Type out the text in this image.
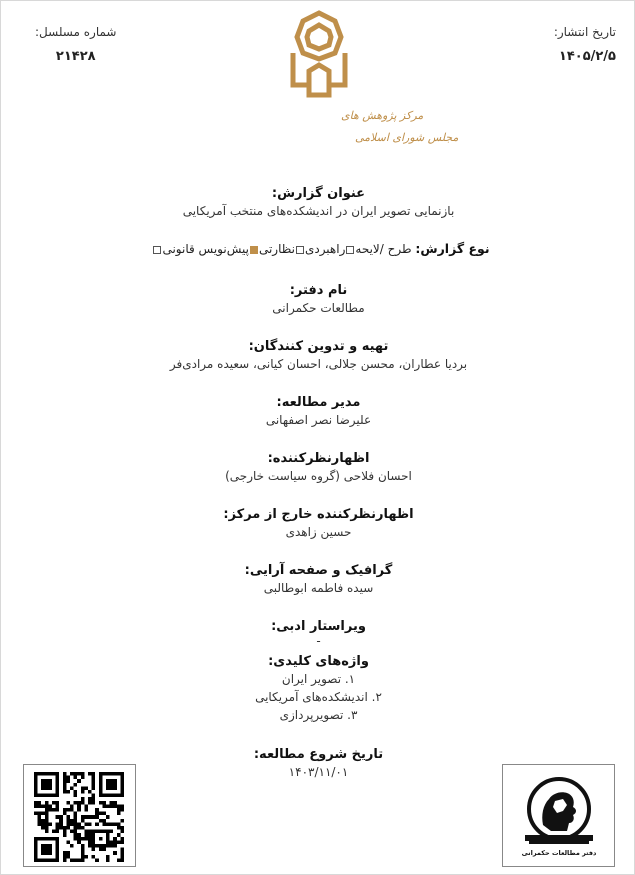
تاریخ انتشار:
۱۴۰۵/۲/۵
شماره مسلسل:
۲۱۴۲۸
مرکز پژوهش های
مجلس شورای اسلامی
عنوان گزارش:
بازنمایی تصویر ایران در اندیشکده‌های منتخب آمریکایی
نوع گزارش: طرح /لایحهراهبردینظارتیپیش‌نویس قانونی
نام دفتر:
مطالعات حکمرانی
تهیه و تدوین کنندگان:
بردیا عطاران، محسن جلالی، احسان کیانی، سعیده مرادی‌فر
مدیر مطالعه:
علیرضا نصر اصفهانی
اظهارنظرکننده:
احسان فلاحی (گروه سیاست خارجی)
اظهارنظرکننده خارج از مرکز:
حسین زاهدی
گرافیک و صفحه آرایی:
سیده فاطمه ابوطالبی
ویراستار ادبی:
-
واژه‌های کلیدی:
۱. تصویر ایران
۲. اندیشکده‌های آمریکایی
۳. تصویرپردازی
تاریخ شروع مطالعه:
۱۴۰۳/۱۱/۰۱
دفتر مطالعات حکمرانی
